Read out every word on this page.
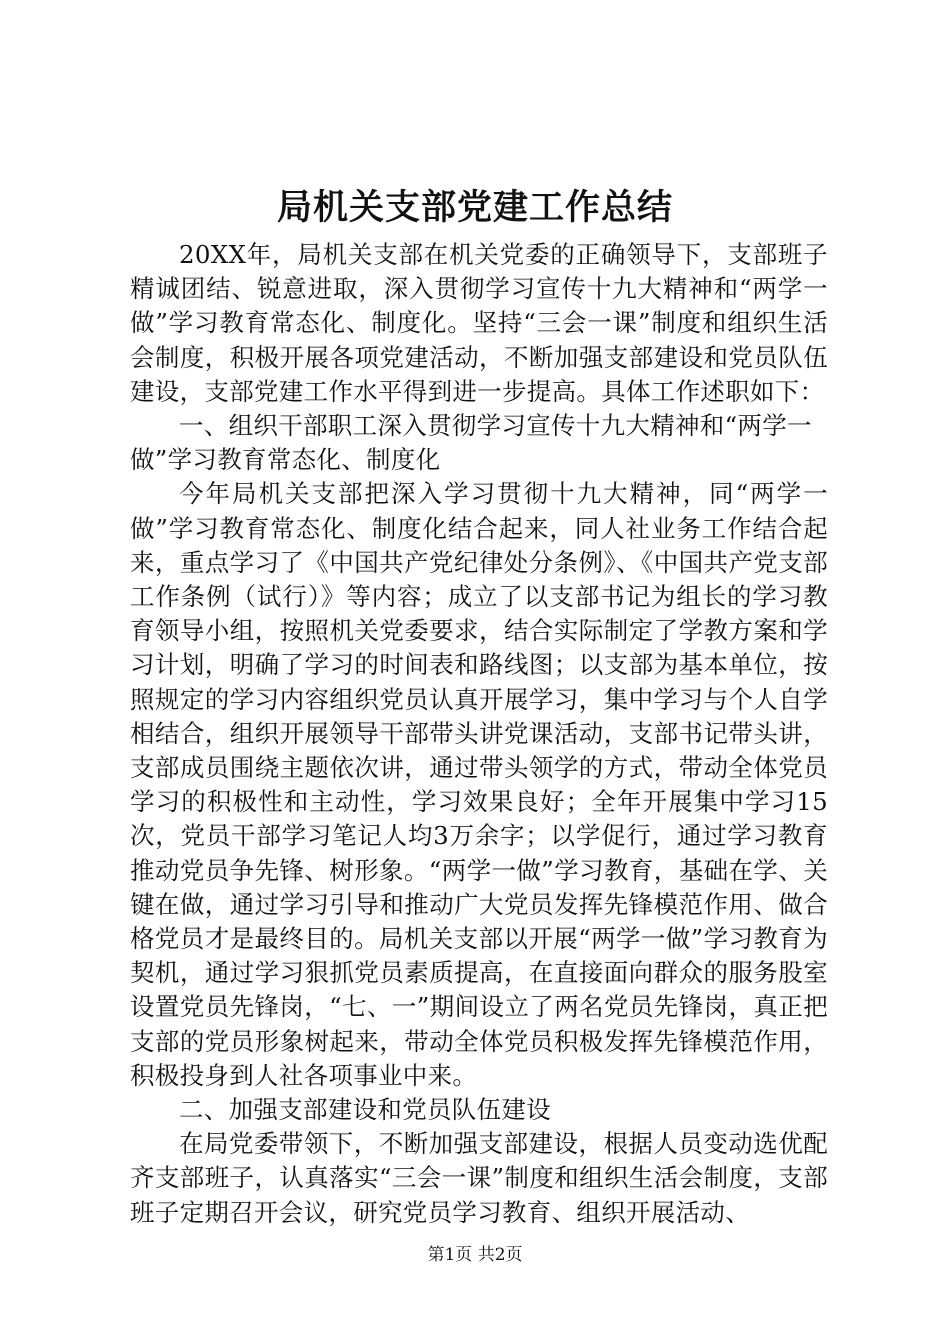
局机关支部党建工作总结

20XX年，局机关支部在机关党委的正确领导下，支部班子精诚团结、锐意进取，深入贯彻学习宣传十九大精神和“两学一做”学习教育常态化、制度化。坚持“三会一课”制度和组织生活会制度，积极开展各项党建活动，不断加强支部建设和党员队伍建设，支部党建工作水平得到进一步提高。具体工作述职如下：

一、组织干部职工深入贯彻学习宣传十九大精神和“两学一做”学习教育常态化、制度化

今年局机关支部把深入学习贯彻十九大精神，同“两学一做”学习教育常态化、制度化结合起来，同人社业务工作结合起来，重点学习了《中国共产党纪律处分条例》、《中国共产党支部工作条例（试行）》等内容；成立了以支部书记为组长的学习教育领导小组，按照机关党委要求，结合实际制定了学教方案和学习计划，明确了学习的时间表和路线图；以支部为基本单位，按照规定的学习内容组织党员认真开展学习，集中学习与个人自学相结合，组织开展领导干部带头讲党课活动，支部书记带头讲，支部成员围绕主题依次讲，通过带头领学的方式，带动全体党员学习的积极性和主动性，学习效果良好；全年开展集中学习15次，党员干部学习笔记人均3万余字；以学促行，通过学习教育推动党员争先锋、树形象。“两学一做”学习教育，基础在学、关键在做，通过学习引导和推动广大党员发挥先锋模范作用、做合格党员才是最终目的。局机关支部以开展“两学一做”学习教育为契机，通过学习狠抓党员素质提高，在直接面向群众的服务股室设置党员先锋岗，“七、一”期间设立了两名党员先锋岗，真正把支部的党员形象树起来，带动全体党员积极发挥先锋模范作用，积极投身到人社各项事业中来。

二、加强支部建设和党员队伍建设

在局党委带领下，不断加强支部建设，根据人员变动选优配齐支部班子，认真落实“三会一课”制度和组织生活会制度，支部班子定期召开会议，研究党员学习教育、组织开展活动、

第1页 共2页
